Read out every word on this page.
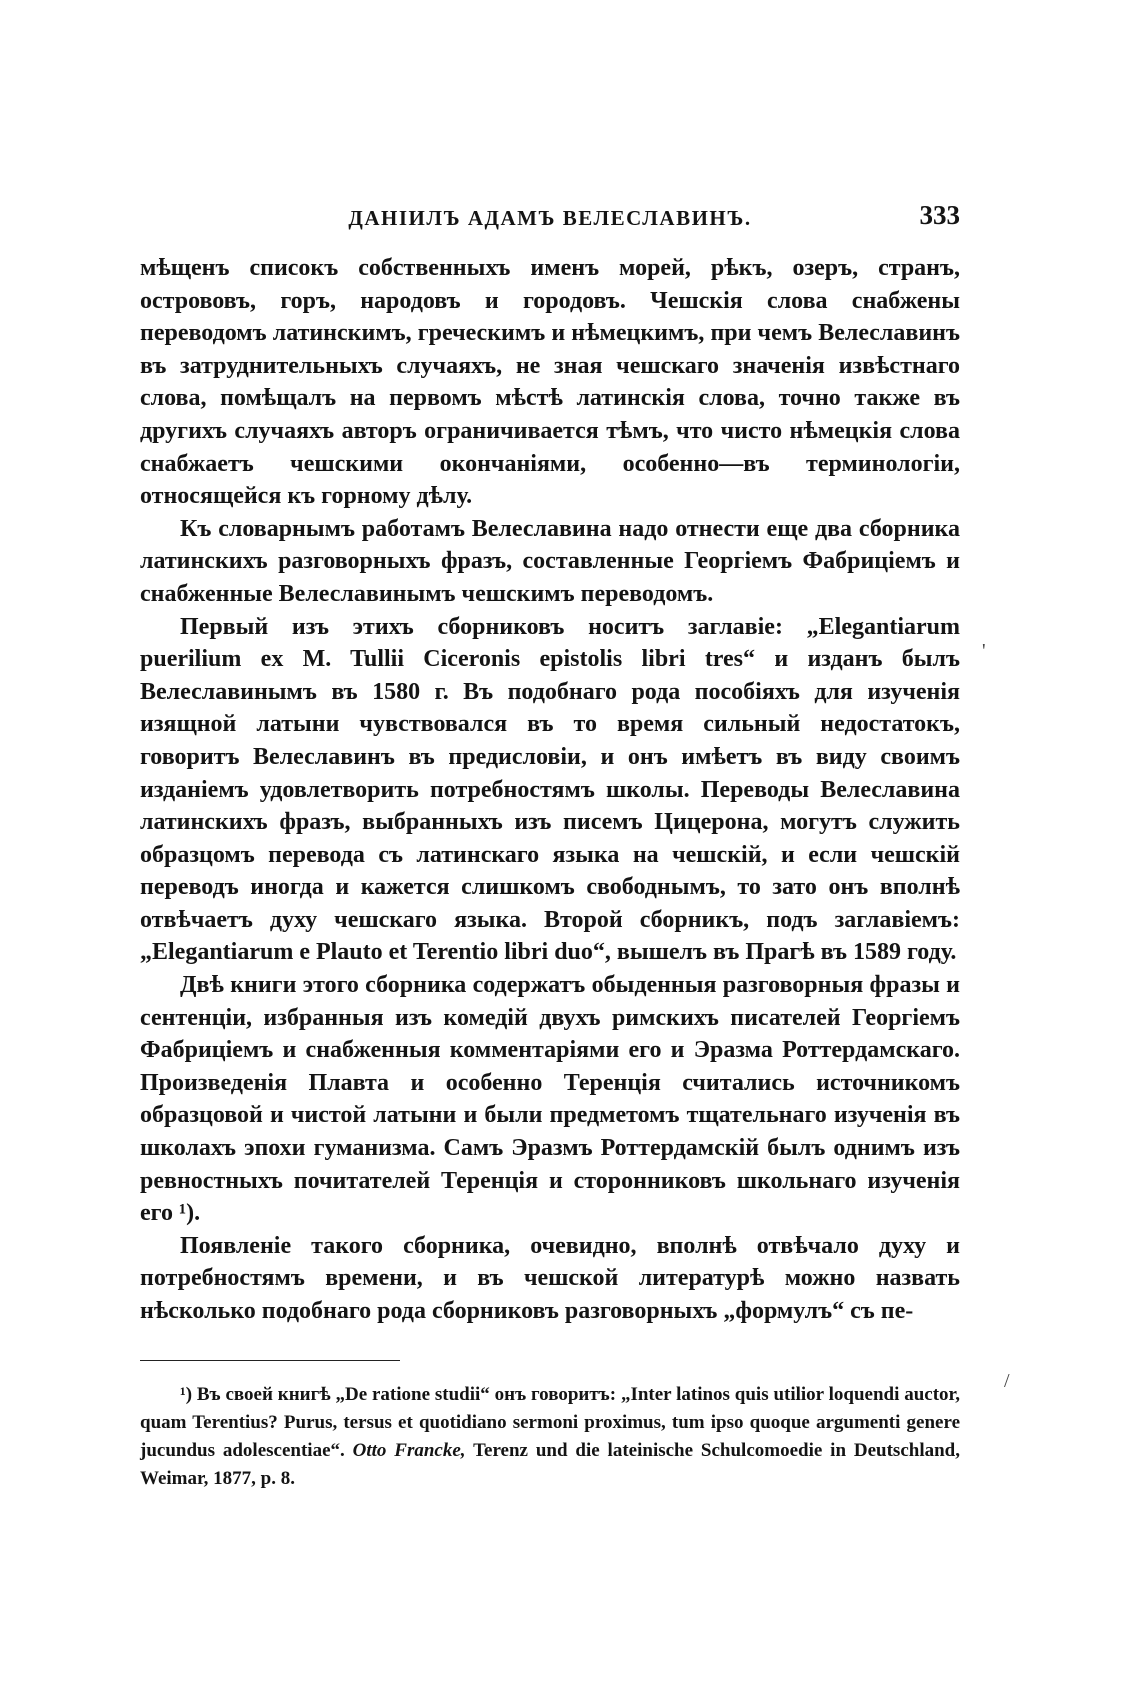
ДАНІИЛЪ АДАМЪ ВЕЛЕСЛАВИНЪ.	333

мѣщенъ списокъ собственныхъ именъ морей, рѣкъ, озеръ, странъ, острововъ, горъ, народовъ и городовъ. Чешскія слова снабжены переводомъ латинскимъ, греческимъ и нѣмецкимъ, при чемъ Велеславинъ въ затруднительныхъ случаяхъ, не зная чешскаго значенія извѣстнаго слова, помѣщалъ на первомъ мѣстѣ латинскія слова, точно также въ другихъ случаяхъ авторъ ограничивается тѣмъ, что чисто нѣмецкія слова снабжаетъ чешскими окончаніями, особенно—въ терминологіи, относящейся къ горному дѣлу.

Къ словарнымъ работамъ Велеславина надо отнести еще два сборника латинскихъ разговорныхъ фразъ, составленные Георгіемъ Фабриціемъ и снабженные Велеславинымъ чешскимъ переводомъ.

Первый изъ этихъ сборниковъ носитъ заглавіе: „Elegantiarum puerilium ex M. Tullii Ciceronis epistolis libri tres“ и изданъ былъ Велеславинымъ въ 1580 г. Въ подобнаго рода пособіяхъ для изученія изящной латыни чувствовался въ то время сильный недостатокъ, говоритъ Велеславинъ въ предисловіи, и онъ имѣетъ въ виду своимъ изданіемъ удовлетворить потребностямъ школы. Переводы Велеславина латинскихъ фразъ, выбранныхъ изъ писемъ Цицерона, могутъ служить образцомъ перевода съ латинскаго языка на чешскій, и если чешскій переводъ иногда и кажется слишкомъ свободнымъ, то зато онъ вполнѣ отвѣчаетъ духу чешскаго языка. Второй сборникъ, подъ заглавіемъ: „Elegantiarum e Plauto et Terentio libri duo“, вышелъ въ Прагѣ въ 1589 году.

Двѣ книги этого сборника содержатъ обыденныя разговорныя фразы и сентенціи, избранныя изъ комедій двухъ римскихъ писателей Георгіемъ Фабриціемъ и снабженныя комментаріями его и Эразма Роттердамскаго. Произведенія Плавта и особенно Теренція считались источникомъ образцовой и чистой латыни и были предметомъ тщательнаго изученія въ школахъ эпохи гуманизма. Самъ Эразмъ Роттердамскій былъ однимъ изъ ревностныхъ почитателей Теренція и сторонниковъ школьнаго изученія его ¹).

Появленіе такого сборника, очевидно, вполнѣ отвѣчало духу и потребностямъ времени, и въ чешской литературѣ можно назвать нѣсколько подобнаго рода сборниковъ разговорныхъ „формулъ“ съ пе-

¹) Въ своей книгѣ „De ratione studii“ онъ говоритъ: „Inter latinos quis utilior loquendi auctor, quam Terentius? Purus, tersus et quotidiano sermoni proximus, tum ipso quoque argumenti genere jucundus adolescentiae“. Otto Francke, Terenz und die lateinische Schulcomoedie in Deutschland, Weimar, 1877, p. 8.
'
/
